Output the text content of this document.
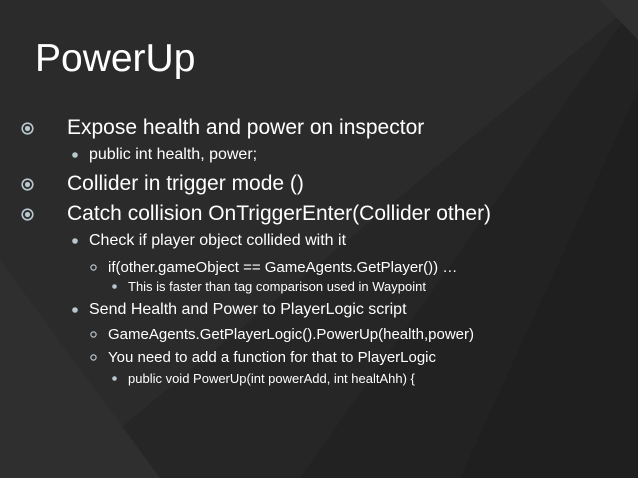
PowerUp
Expose health and power on inspector
public int health, power;
Collider in trigger mode ()
Catch collision OnTriggerEnter(Collider other)
Check if player object collided with it
if(other.gameObject == GameAgents.GetPlayer()) …
This is faster than tag comparison used in Waypoint
Send Health and Power to PlayerLogic script
GameAgents.GetPlayerLogic().PowerUp(health,power)
You need to add a function for that to PlayerLogic
public void PowerUp(int powerAdd, int healtAhh) {
